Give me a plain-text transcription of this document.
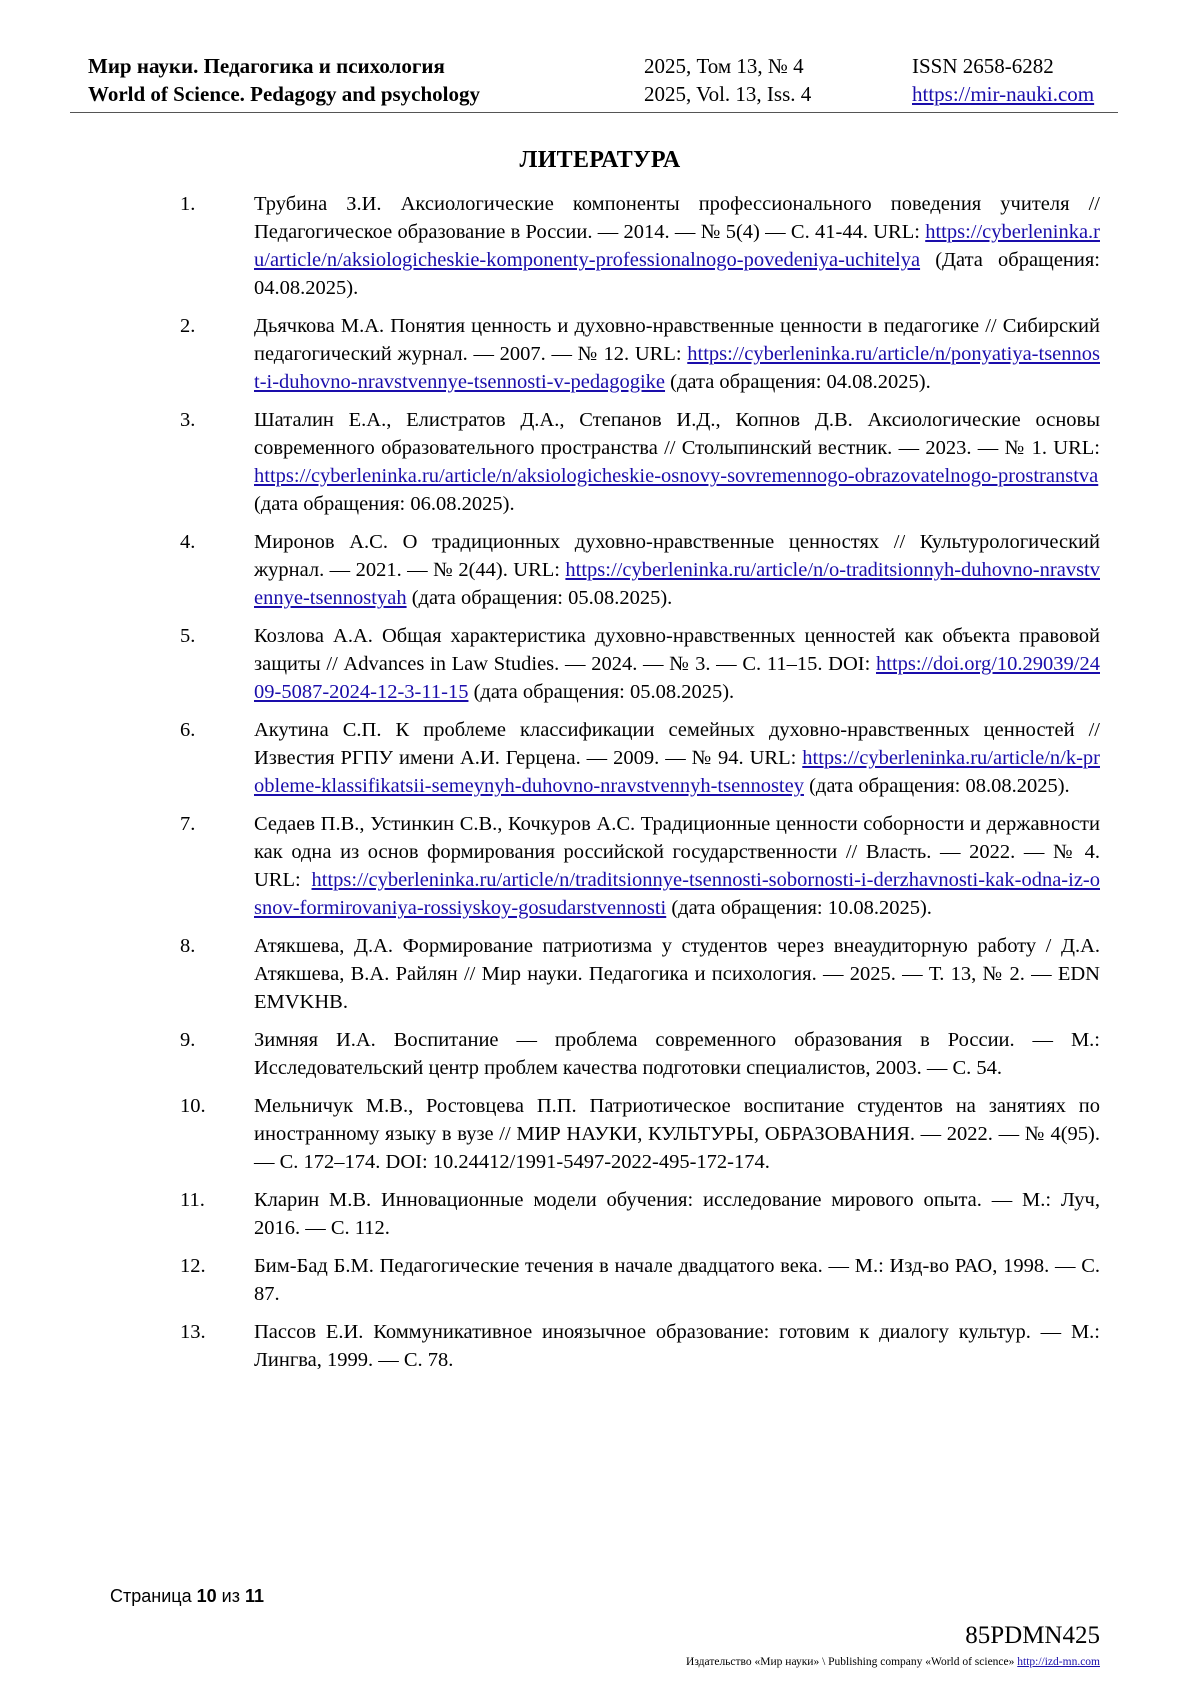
Мир науки. Педагогика и психология	2025, Том 13, № 4	ISSN 2658-6282
World of Science. Pedagogy and psychology	2025, Vol. 13, Iss. 4	https://mir-nauki.com
ЛИТЕРАТУРА
1.	Трубина З.И. Аксиологические компоненты профессионального поведения учителя // Педагогическое образование в России. — 2014. — № 5(4) — С. 41-44. URL: https://cyberleninka.ru/article/n/aksiologicheskie-komponenty-professionalnogo-povedeniya-uchitelya (Дата обращения: 04.08.2025).
2.	Дьячкова М.А. Понятия ценность и духовно-нравственные ценности в педагогике // Сибирский педагогический журнал. — 2007. — № 12. URL: https://cyberleninka.ru/article/n/ponyatiya-tsennost-i-duhovno-nravstvennye-tsennosti-v-pedagogike (дата обращения: 04.08.2025).
3.	Шаталин Е.А., Елистратов Д.А., Степанов И.Д., Копнов Д.В. Аксиологические основы современного образовательного пространства // Столыпинский вестник. — 2023. — № 1. URL: https://cyberleninka.ru/article/n/aksiologicheskie-osnovy-sovremennogo-obrazovatelnogo-prostranstva (дата обращения: 06.08.2025).
4.	Миронов А.С. О традиционных духовно-нравственные ценностях // Культурологический журнал. — 2021. — № 2(44). URL: https://cyberleninka.ru/article/n/o-traditsionnyh-duhovno-nravstvennye-tsennostyah (дата обращения: 05.08.2025).
5.	Козлова А.А. Общая характеристика духовно-нравственных ценностей как объекта правовой защиты // Advances in Law Studies. — 2024. — № 3. — С. 11–15. DOI: https://doi.org/10.29039/2409-5087-2024-12-3-11-15 (дата обращения: 05.08.2025).
6.	Акутина С.П. К проблеме классификации семейных духовно-нравственных ценностей // Известия РГПУ имени А.И. Герцена. — 2009. — № 94. URL: https://cyberleninka.ru/article/n/k-probleme-klassifikatsii-semeynyh-duhovno-nravstvennyh-tsennostey (дата обращения: 08.08.2025).
7.	Седаев П.В., Устинкин С.В., Кочкуров А.С. Традиционные ценности соборности и державности как одна из основ формирования российской государственности // Власть. — 2022. — № 4. URL: https://cyberleninka.ru/article/n/traditsionnye-tsennosti-sobornosti-i-derzhavnosti-kak-odna-iz-osnov-formirovaniya-rossiyskoy-gosudarstvennosti (дата обращения: 10.08.2025).
8.	Атякшева, Д.А. Формирование патриотизма у студентов через внеаудиторную работу / Д.А. Атякшева, В.А. Райлян // Мир науки. Педагогика и психология. — 2025. — Т. 13, № 2. — EDN EMVKHB.
9.	Зимняя И.А. Воспитание — проблема современного образования в России. — М.: Исследовательский центр проблем качества подготовки специалистов, 2003. — С. 54.
10.	Мельничук М.В., Ростовцева П.П. Патриотическое воспитание студентов на занятиях по иностранному языку в вузе // МИР НАУКИ, КУЛЬТУРЫ, ОБРАЗОВАНИЯ. — 2022. — № 4(95). — С. 172–174. DOI: 10.24412/1991-5497-2022-495-172-174.
11.	Кларин М.В. Инновационные модели обучения: исследование мирового опыта. — М.: Луч, 2016. — С. 112.
12.	Бим-Бад Б.М. Педагогические течения в начале двадцатого века. — М.: Изд-во РАО, 1998. — С. 87.
13.	Пассов Е.И. Коммуникативное иноязычное образование: готовим к диалогу культур. — М.: Лингва, 1999. — С. 78.
Страница 10 из 11
85PDMN425
Издательство «Мир науки» \ Publishing company «World of science» http://izd-mn.com
